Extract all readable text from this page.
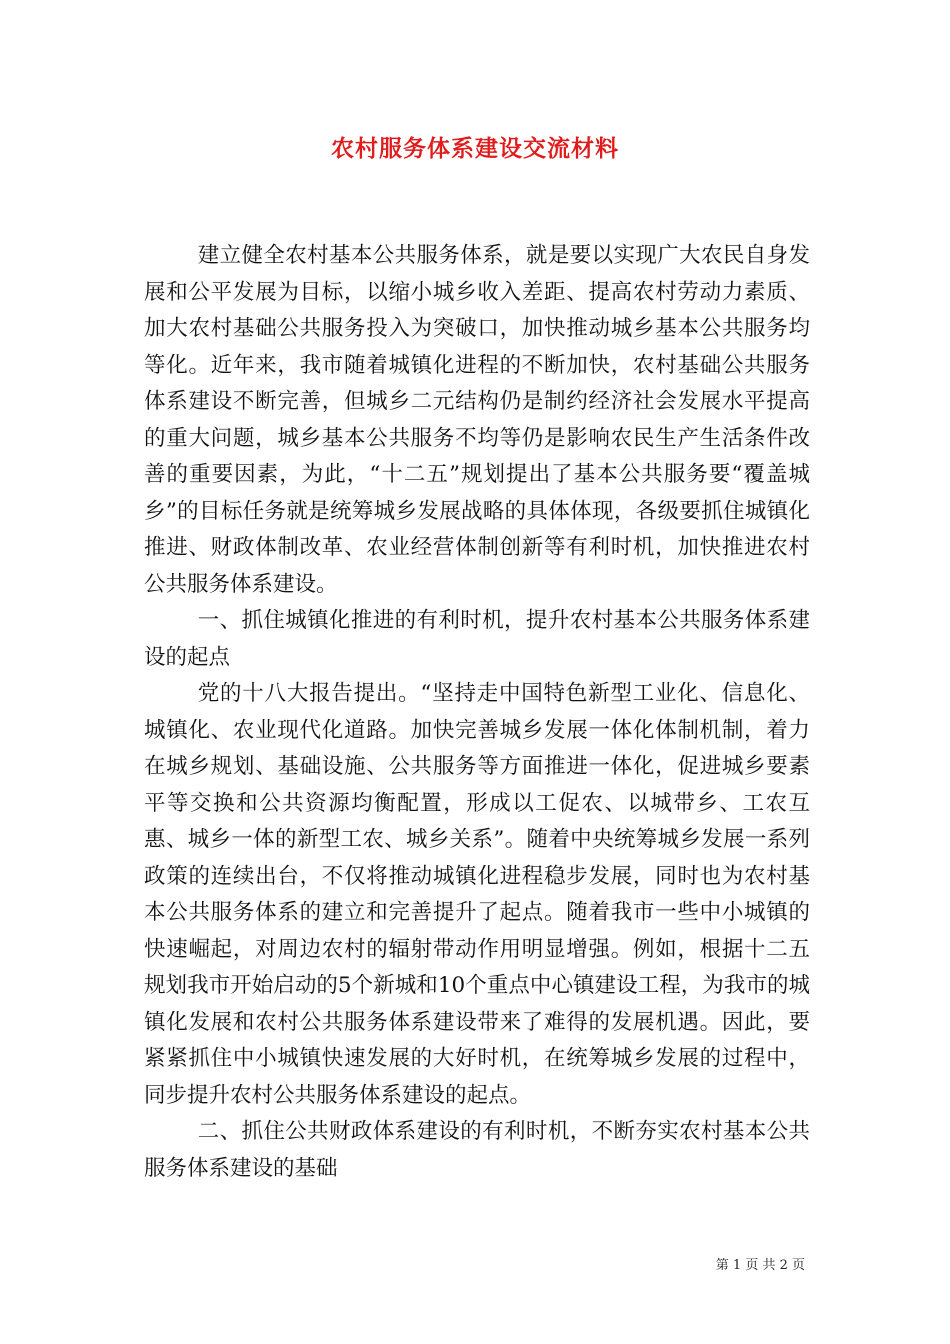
农村服务体系建设交流材料

建立健全农村基本公共服务体系，就是要以实现广大农民自身发展和公平发展为目标，以缩小城乡收入差距、提高农村劳动力素质、加大农村基础公共服务投入为突破口，加快推动城乡基本公共服务均等化。近年来，我市随着城镇化进程的不断加快，农村基础公共服务体系建设不断完善，但城乡二元结构仍是制约经济社会发展水平提高的重大问题，城乡基本公共服务不均等仍是影响农民生产生活条件改善的重要因素，为此，“十二五”规划提出了基本公共服务要“覆盖城乡”的目标任务就是统筹城乡发展战略的具体体现，各级要抓住城镇化推进、财政体制改革、农业经营体制创新等有利时机，加快推进农村公共服务体系建设。

一、抓住城镇化推进的有利时机，提升农村基本公共服务体系建设的起点

党的十八大报告提出。“坚持走中国特色新型工业化、信息化、城镇化、农业现代化道路。加快完善城乡发展一体化体制机制，着力在城乡规划、基础设施、公共服务等方面推进一体化，促进城乡要素平等交换和公共资源均衡配置，形成以工促农、以城带乡、工农互惠、城乡一体的新型工农、城乡关系”。随着中央统筹城乡发展一系列政策的连续出台，不仅将推动城镇化进程稳步发展，同时也为农村基本公共服务体系的建立和完善提升了起点。随着我市一些中小城镇的快速崛起，对周边农村的辐射带动作用明显增强。例如，根据十二五规划我市开始启动的5个新城和10个重点中心镇建设工程，为我市的城镇化发展和农村公共服务体系建设带来了难得的发展机遇。因此，要紧紧抓住中小城镇快速发展的大好时机，在统筹城乡发展的过程中，同步提升农村公共服务体系建设的起点。

二、抓住公共财政体系建设的有利时机，不断夯实农村基本公共服务体系建设的基础

第 1 页 共 2 页
